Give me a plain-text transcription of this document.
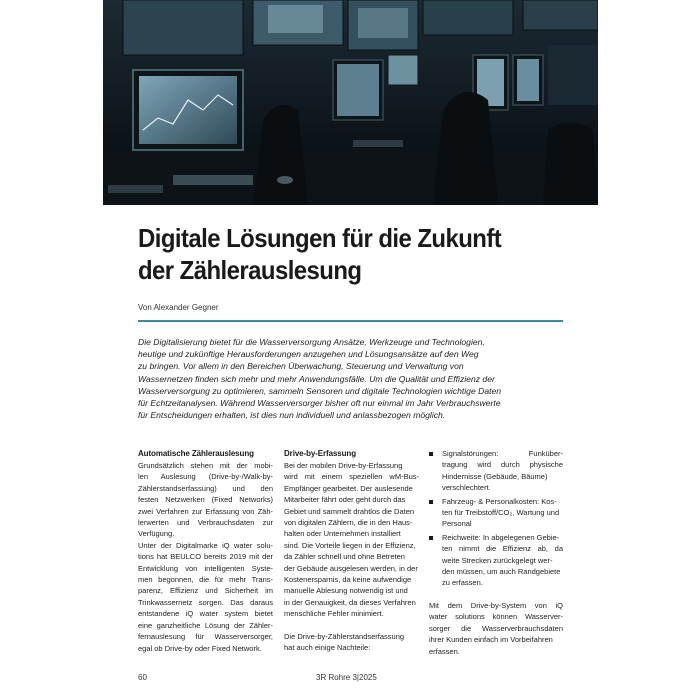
Digitale Lösungen für die Zukunft
der Zählerauslesung
Von Alexander Gegner
Die Digitalisierung bietet für die Wasserversorgung Ansätze, Werkzeuge und Technologien,
heutige und zukünftige Herausforderungen anzugehen und Lösungsansätze auf den Weg
zu bringen. Vor allem in den Bereichen Überwachung, Steuerung und Verwaltung von
Wassernetzen finden sich mehr und mehr Anwendungsfälle. Um die Qualität und Effizienz der
Wasserversorgung zu optimieren, sammeln Sensoren und digitale Technologien wichtige Daten
für Echtzeitanalysen. Während Wasserversorger bisher oft nur einmal im Jahr Verbrauchswerte
für Entscheidungen erhalten, ist dies nun individuell und anlassbezogen möglich.
Automatische Zählerauslesung
Grundsätzlich stehen mit der mobi-
len Auslesung (Drive-by-/Walk-by-
Zählerstandserfassung) und den
festen Netzwerken (Fixed Networks)
zwei Verfahren zur Erfassung von Zäh-
lerwerten und Verbrauchsdaten zur
Verfügung.
Unter der Digitalmarke iQ water solu-
tions hat BEULCO bereits 2019 mit der
Entwicklung von intelligenten Syste-
men begonnen, die für mehr Trans-
parenz, Effizienz und Sicherheit im
Trinkwassernetz sorgen. Das daraus
entstandene iQ water system bietet
eine ganzheitliche Lösung der Zähler-
fernauslesung für Wasserversorger,
egal ob Drive-by oder Fixed Network.
Drive-by-Erfassung
Bei der mobilen Drive-by-Erfassung
wird mit einem speziellen wM-Bus-
Empfänger gearbeitet. Der auslesende
Mitarbeiter fährt oder geht durch das
Gebiet und sammelt drahtlos die Daten
von digitalen Zählern, die in den Haus-
halten oder Unternehmen installiert
sind. Die Vorteile liegen in der Effizienz,
da Zähler schnell und ohne Betreten
der Gebäude ausgelesen werden, in der
Kostenersparnis, da keine aufwendige
manuelle Ablesung notwendig ist und
in der Genauigkeit, da dieses Verfahren
menschliche Fehler minimiert.
Die Drive-by-Zählerstandserfassung
hat auch einige Nachteile:
Signalstörungen: Funküber-
tragung wird durch physische
Hindernisse (Gebäude, Bäume)
verschlechtert.
Fahrzeug- & Personalkosten: Kos-
ten für Treibstoff/CO₂, Wartung und
Personal
Reichweite: In abgelegenen Gebie-
ten nimmt die Effizienz ab, da
weite Strecken zurückgelegt wer-
den müssen, um auch Randgebiete
zu erfassen.
Mit dem Drive-by-System von iQ
water solutions können Wasserver-
sorger die Wasserverbrauchsdaten
ihrer Kunden einfach im Vorbeifahren
erfassen.
60	3R Rohre 3|2025
